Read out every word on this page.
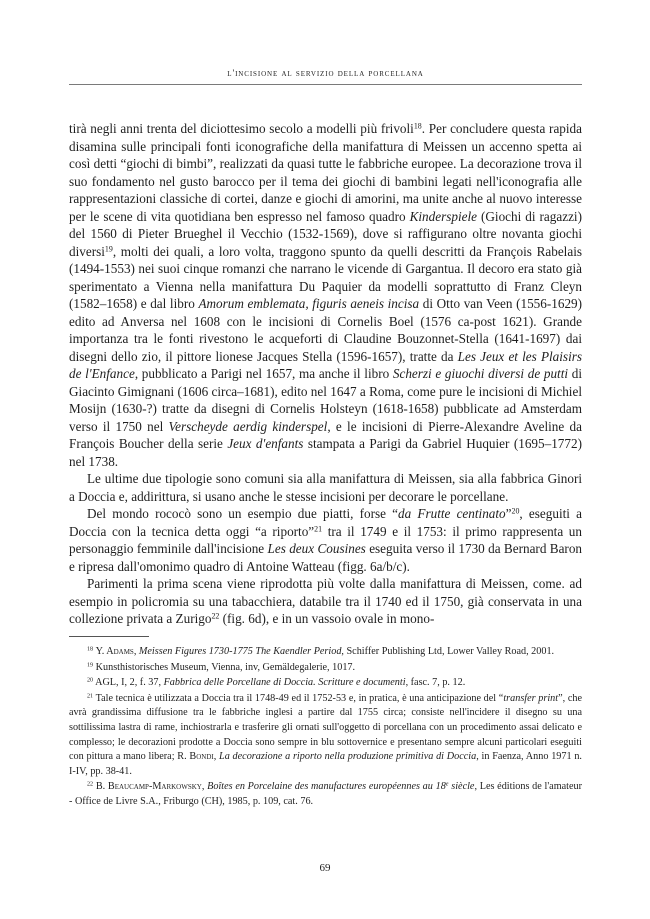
l'incisione al servizio della porcellana

tirà negli anni trenta del diciottesimo secolo a modelli più frivoli$^{18}$. Per concludere questa rapida disamina sulle principali fonti iconografiche della manifattura di Meissen un accenno spetta ai così detti “giochi di bimbi”, realizzati da quasi tutte le fabbriche europee. La decorazione trova il suo fondamento nel gusto barocco per il tema dei giochi di bambini legati nell'iconografia alle rappresentazioni classiche di cortei, danze e giochi di amorini, ma unite anche al nuovo interesse per le scene di vita quotidiana ben espresso nel famoso quadro Kinderspiele (Giochi di ragazzi) del 1560 di Pieter Brueghel il Vecchio (1532-1569), dove si raffigurano oltre novanta giochi diversi$^{19}$, molti dei quali, a loro volta, traggono spunto da quelli descritti da François Rabelais (1494-1553) nei suoi cinque romanzi che narrano le vicende di Gargantua. Il decoro era stato già sperimentato a Vienna nella manifattura Du Paquier da modelli soprattutto di Franz Cleyn (1582–1658) e dal libro Amorum emblemata, figuris aeneis incisa di Otto van Veen (1556-1629) edito ad Anversa nel 1608 con le incisioni di Cornelis Boel (1576 ca-post 1621). Grande importanza tra le fonti rivestono le acqueforti di Claudine Bouzonnet-Stella (1641-1697) dai disegni dello zio, il pittore lionese Jacques Stella (1596-1657), tratte da Les Jeux et les Plaisirs de l'Enfance, pubblicato a Parigi nel 1657, ma anche il libro Scherzi e giuochi diversi de putti di Giacinto Gimignani (1606 circa–1681), edito nel 1647 a Roma, come pure le incisioni di Michiel Mosijn (1630-?) tratte da disegni di Cornelis Holsteyn (1618-1658) pubblicate ad Amsterdam verso il 1750 nel Verscheyde aerdig kinderspel, e le incisioni di Pierre-Alexandre Aveline da François Boucher della serie Jeux d'enfants stampata a Parigi da Gabriel Huquier (1695–1772) nel 1738.

Le ultime due tipologie sono comuni sia alla manifattura di Meissen, sia alla fabbrica Ginori a Doccia e, addirittura, si usano anche le stesse incisioni per decorare le porcellane.

Del mondo rococò sono un esempio due piatti, forse “da Frutte centinato”$^{20}$, eseguiti a Doccia con la tecnica detta oggi “a riporto”$^{21}$ tra il 1749 e il 1753: il primo rappresenta un personaggio femminile dall'incisione Les deux Cousines eseguita verso il 1730 da Bernard Baron e ripresa dall'omonimo quadro di Antoine Watteau (figg. 6a/b/c).

Parimenti la prima scena viene riprodotta più volte dalla manifattura di Meissen, come. ad esempio in policromia su una tabacchiera, databile tra il 1740 ed il 1750, già conservata in una collezione privata a Zurigo$^{22}$ (fig. 6d), e in un vassoio ovale in mono-

$^{18}$ Y. Adams, Meissen Figures 1730-1775 The Kaendler Period, Schiffer Publishing Ltd, Lower Valley Road, 2001.

$^{19}$ Kunsthistorisches Museum, Vienna, inv, Gemäldegalerie, 1017.

$^{20}$ AGL, I, 2, f. 37, Fabbrica delle Porcellane di Doccia. Scritture e documenti, fasc. 7, p. 12.

$^{21}$ Tale tecnica è utilizzata a Doccia tra il 1748-49 ed il 1752-53 e, in pratica, è una anticipazione del “transfer print”, che avrà grandissima diffusione tra le fabbriche inglesi a partire dal 1755 circa; consiste nell'incidere il disegno su una sottilissima lastra di rame, inchiostrarla e trasferire gli ornati sull'oggetto di porcellana con un procedimento assai delicato e complesso; le decorazioni prodotte a Doccia sono sempre in blu sottovernice e presentano sempre alcuni particolari eseguiti con pittura a mano libera; R. Bondi, La decorazione a riporto nella produzione primitiva di Doccia, in Faenza, Anno 1971 n. I-IV, pp. 38-41.

$^{22}$ B. Beaucamp-Markowsky, Boîtes en Porcelaine des manufactures européennes au 18e siècle, Les éditions de l'amateur - Office de Livre S.A., Friburgo (CH), 1985, p. 109, cat. 76.

69
